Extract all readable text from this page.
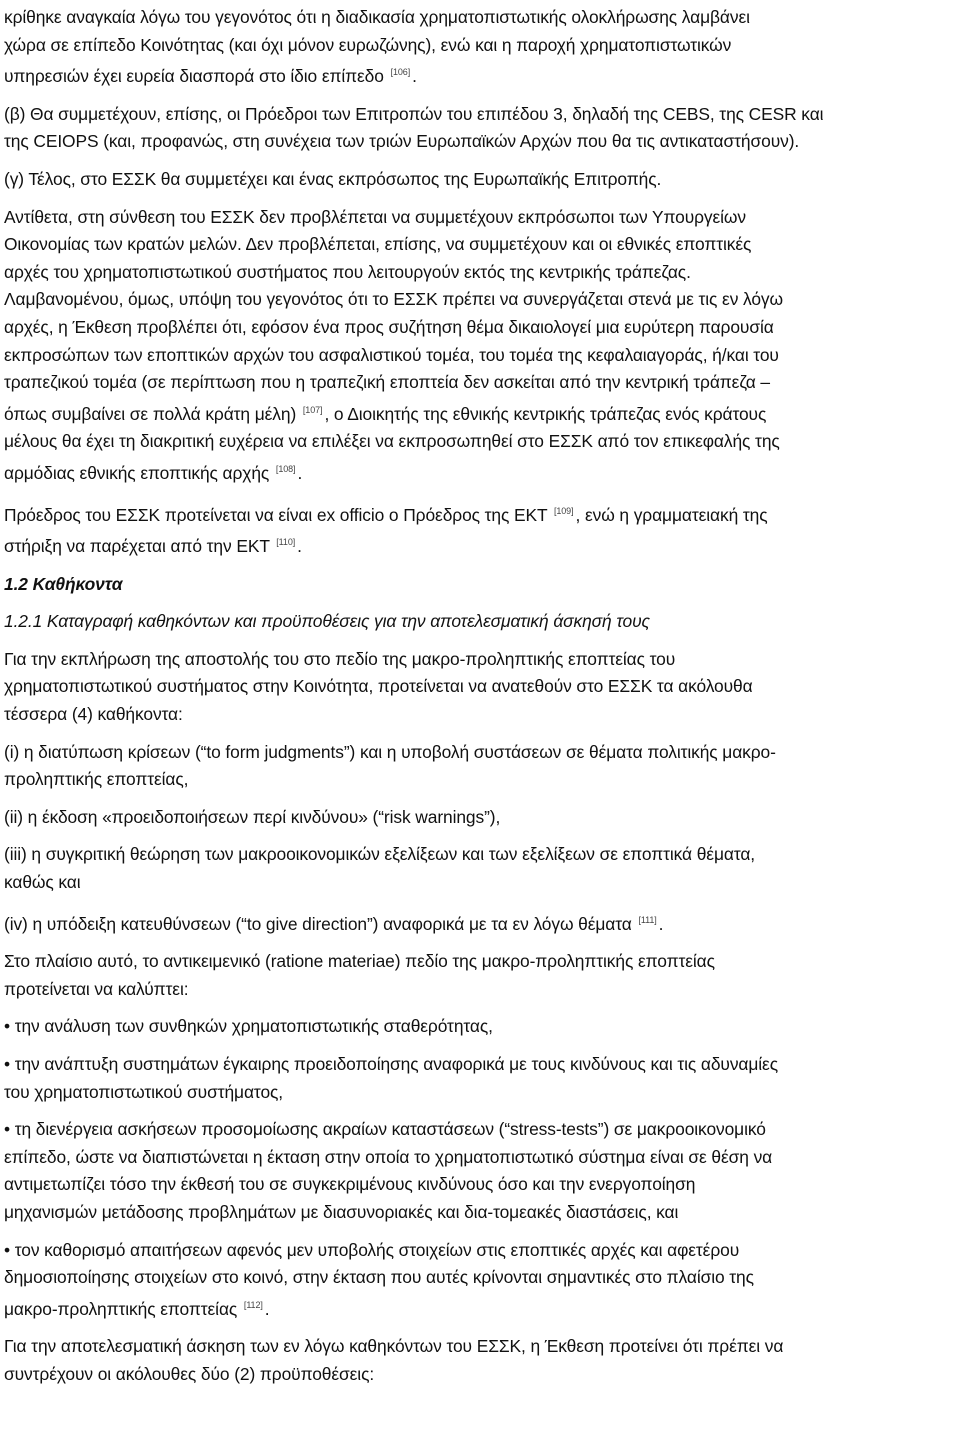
κρίθηκε αναγκαία λόγω του γεγονότος ότι η διαδικασία χρηματοπιστωτικής ολοκλήρωσης λαμβάνει
χώρα σε επίπεδο Κοινότητας (και όχι μόνον ευρωζώνης), ενώ και η παροχή χρηματοπιστωτικών
υπηρεσιών έχει ευρεία διασπορά στο ίδιο επίπεδο [106] .

(β) Θα συμμετέχουν, επίσης, οι Πρόεδροι των Επιτροπών του επιπέδου 3, δηλαδή της CEBS, της CESR και
της CEIOPS (και, προφανώς, στη συνέχεια των τριών Ευρωπαϊκών Αρχών που θα τις αντικαταστήσουν).

(γ) Τέλος, στο ΕΣΣΚ θα συμμετέχει και ένας εκπρόσωπος της Ευρωπαϊκής Επιτροπής.

Αντίθετα, στη σύνθεση του ΕΣΣΚ δεν προβλέπεται να συμμετέχουν εκπρόσωποι των Υπουργείων
Οικονομίας των κρατών μελών. Δεν προβλέπεται, επίσης, να συμμετέχουν και οι εθνικές εποπτικές
αρχές του χρηματοπιστωτικού συστήματος που λειτουργούν εκτός της κεντρικής τράπεζας.
Λαμβανομένου, όμως, υπόψη του γεγονότος ότι το ΕΣΣΚ πρέπει να συνεργάζεται στενά με τις εν λόγω
αρχές, η Έκθεση προβλέπει ότι, εφόσον ένα προς συζήτηση θέμα δικαιολογεί μια ευρύτερη παρουσία
εκπροσώπων των εποπτικών αρχών του ασφαλιστικού τομέα, του τομέα της κεφαλαιαγοράς, ή/και του
τραπεζικού τομέα (σε περίπτωση που η τραπεζική εποπτεία δεν ασκείται από την κεντρική τράπεζα –
όπως συμβαίνει σε πολλά κράτη μέλη) [107] , ο Διοικητής της εθνικής κεντρικής τράπεζας ενός κράτους
μέλους θα έχει τη διακριτική ευχέρεια να επιλέξει να εκπροσωπηθεί στο ΕΣΣΚ από τον επικεφαλής της
αρμόδιας εθνικής εποπτικής αρχής [108] .

Πρόεδρος του ΕΣΣΚ προτείνεται να είναι ex officio ο Πρόεδρος της ΕΚΤ [109] , ενώ η γραμματειακή της
στήριξη να παρέχεται από την ΕΚΤ [110] .

1.2 Καθήκοντα

1.2.1 Καταγραφή καθηκόντων και προϋποθέσεις για την αποτελεσματική άσκησή τους

Για την εκπλήρωση της αποστολής του στο πεδίο της μακρο-προληπτικής εποπτείας του
χρηματοπιστωτικού συστήματος στην Κοινότητα, προτείνεται να ανατεθούν στο ΕΣΣΚ τα ακόλουθα
τέσσερα (4) καθήκοντα:

(i) η διατύπωση κρίσεων (“to form judgments”) και η υποβολή συστάσεων σε θέματα πολιτικής μακρο-
προληπτικής εποπτείας,

(ii) η έκδοση «προειδοποιήσεων περί κινδύνου» (“risk warnings”),

(iii) η συγκριτική θεώρηση των μακροοικονομικών εξελίξεων και των εξελίξεων σε εποπτικά θέματα,
καθώς και

(iv) η υπόδειξη κατευθύνσεων (“to give direction”) αναφορικά με τα εν λόγω θέματα [111] .

Στο πλαίσιο αυτό, το αντικειμενικό (ratione materiae) πεδίο της μακρο-προληπτικής εποπτείας
προτείνεται να καλύπτει:

• την ανάλυση των συνθηκών χρηματοπιστωτικής σταθερότητας,

• την ανάπτυξη συστημάτων έγκαιρης προειδοποίησης αναφορικά με τους κινδύνους και τις αδυναμίες
του χρηματοπιστωτικού συστήματος,

• τη διενέργεια ασκήσεων προσομοίωσης ακραίων καταστάσεων (“stress-tests”) σε μακροοικονομικό
επίπεδο, ώστε να διαπιστώνεται η έκταση στην οποία το χρηματοπιστωτικό σύστημα είναι σε θέση να
αντιμετωπίζει τόσο την έκθεσή του σε συγκεκριμένους κινδύνους όσο και την ενεργοποίηση
μηχανισμών μετάδοσης προβλημάτων με διασυνοριακές και δια-τομεακές διαστάσεις, και

• τον καθορισμό απαιτήσεων αφενός μεν υποβολής στοιχείων στις εποπτικές αρχές και αφετέρου
δημοσιοποίησης στοιχείων στο κοινό, στην έκταση που αυτές κρίνονται σημαντικές στο πλαίσιο της
μακρο-προληπτικής εποπτείας [112] .

Για την αποτελεσματική άσκηση των εν λόγω καθηκόντων του ΕΣΣΚ, η Έκθεση προτείνει ότι πρέπει να
συντρέχουν οι ακόλουθες δύο (2) προϋποθέσεις:
